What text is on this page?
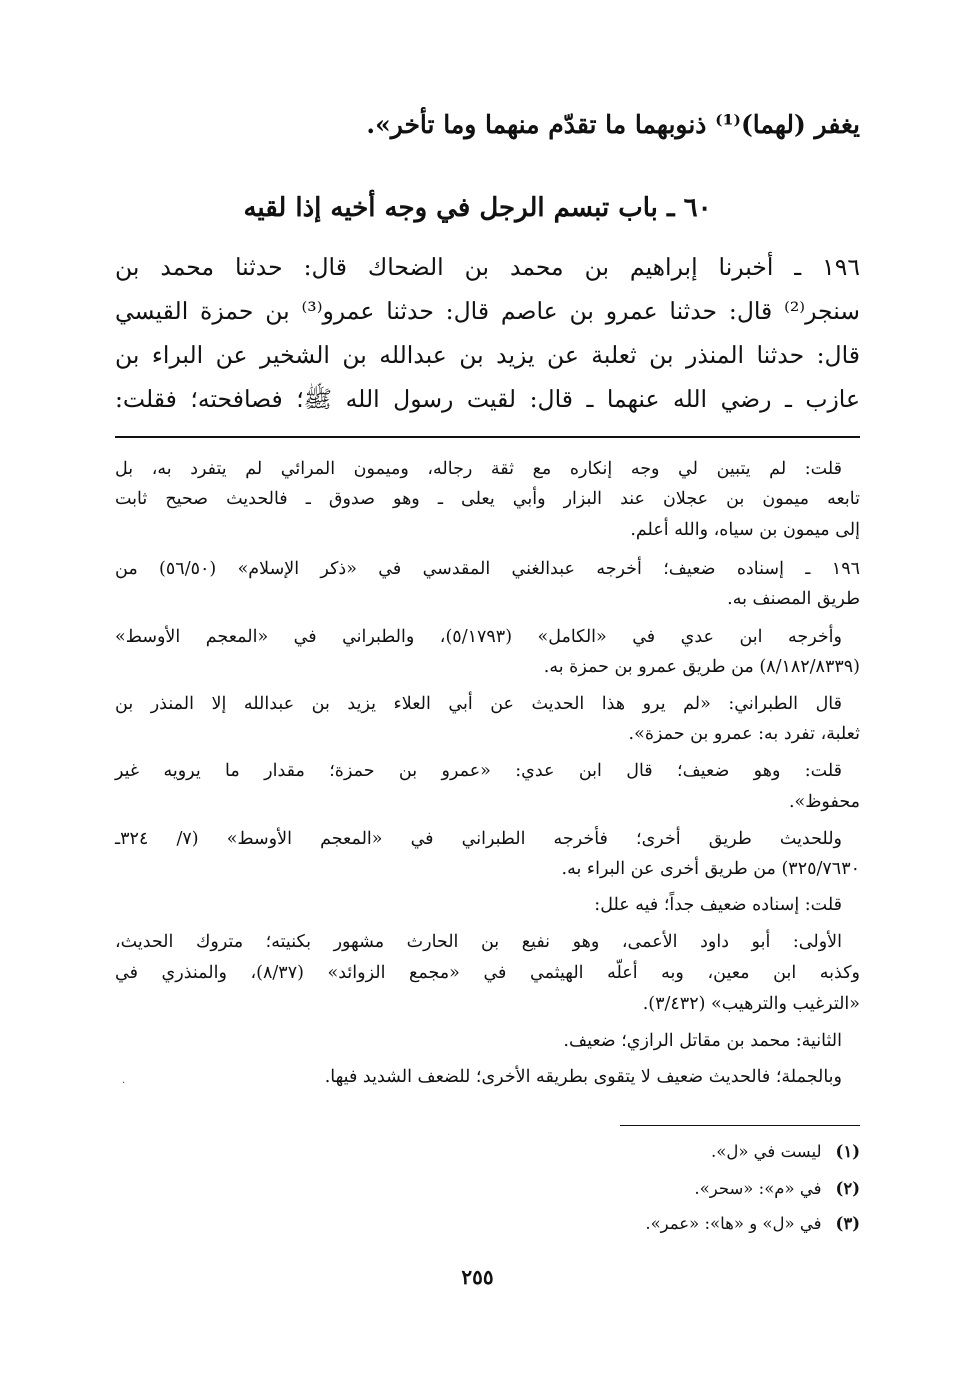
يغفر (لهما)⁽¹⁾ ذنوبهما ما تقدّم منهما وما تأخر».
٦٠ ـ باب تبسم الرجل في وجه أخيه إذا لقيه
١٩٦ ـ أخبرنا إبراهيم بن محمد بن الضحاك قال: حدثنا محمد بن
سنجر⁽²⁾ قال: حدثنا عمرو بن عاصم قال: حدثنا عمرو⁽³⁾ بن حمزة القيسي
قال: حدثنا المنذر بن ثعلبة عن يزيد بن عبدالله بن الشخير عن البراء بن
عازب ـ رضي الله عنهما ـ قال: لقيت رسول الله ﷺ؛ فصافحته؛ فقلت:
قلت: لم يتبين لي وجه إنكاره مع ثقة رجاله، وميمون المرائي لم يتفرد به، بل
تابعه ميمون بن عجلان عند البزار وأبي يعلى ـ وهو صدوق ـ فالحديث صحيح ثابت
إلى ميمون بن سياه، والله أعلم.
١٩٦ ـ إسناده ضعيف؛ أخرجه عبدالغني المقدسي في «ذكر الإسلام» (٥٦/٥٠) من
طريق المصنف به.
وأخرجه ابن عدي في «الكامل» (٥/١٧٩٣)، والطبراني في «المعجم الأوسط»
(٨/١٨٢/٨٣٣٩) من طريق عمرو بن حمزة به.
قال الطبراني: «لم يرو هذا الحديث عن أبي العلاء يزيد بن عبدالله إلا المنذر بن
ثعلبة، تفرد به: عمرو بن حمزة».
قلت: وهو ضعيف؛ قال ابن عدي: «عمرو بن حمزة؛ مقدار ما يرويه غير
محفوظ».
وللحديث طريق أخرى؛ فأخرجه الطبراني في «المعجم الأوسط» (٧/ ٣٢٤ـ
٣٢٥/٧٦٣٠) من طريق أخرى عن البراء به.
قلت: إسناده ضعيف جداً؛ فيه علل:
الأولى: أبو داود الأعمى، وهو نفيع بن الحارث مشهور بكنيته؛ متروك الحديث،
وكذبه ابن معين، وبه أعلّه الهيثمي في «مجمع الزوائد» (٨/٣٧)، والمنذري في
«الترغيب والترهيب» (٣/٤٣٢).
الثانية: محمد بن مقاتل الرازي؛ ضعيف.
وبالجملة؛ فالحديث ضعيف لا يتقوى بطريقه الأخرى؛ للضعف الشديد فيها.
(١)ليست في «ل».
(٢)في «م»: «سحر».
(٣)في «ل» و «ها»: «عمر».
٢٥٥
·
